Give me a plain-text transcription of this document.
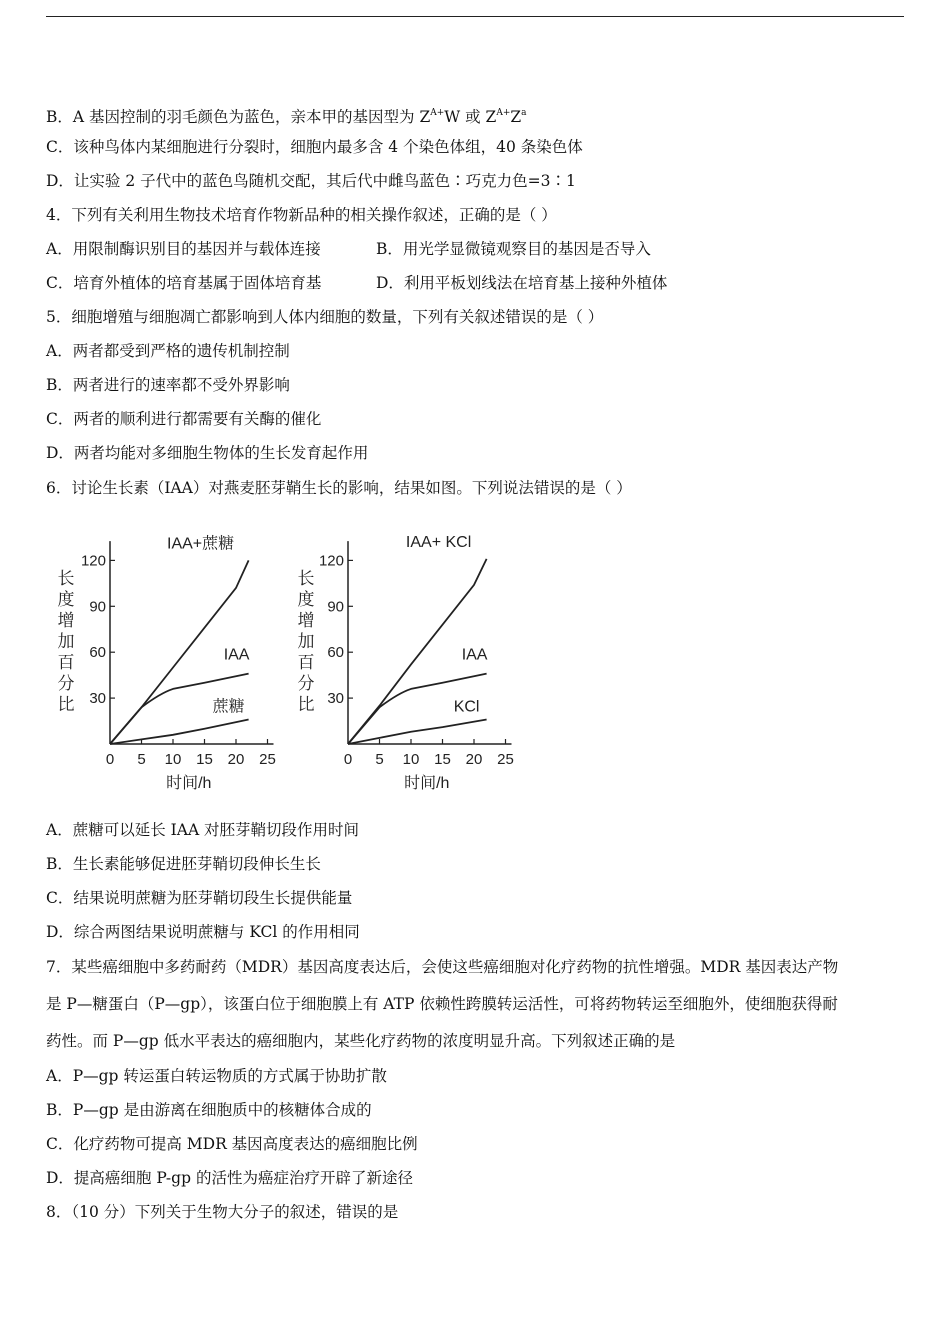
B．A 基因控制的羽毛颜色为蓝色，亲本甲的基因型为 $Z^{A+}W$ 或 $Z^{A+}Z^a$
C．该种鸟体内某细胞进行分裂时，细胞内最多含 4 个染色体组，40 条染色体
D．让实验 2 子代中的蓝色鸟随机交配，其后代中雌鸟蓝色∶巧克力色=3∶1
4．下列有关利用生物技术培育作物新品种的相关操作叙述，正确的是（ ）
A．用限制酶识别目的基因并与载体连接	B．用光学显微镜观察目的基因是否导入
C．培育外植体的培育基属于固体培育基	D．利用平板划线法在培育基上接种外植体
5．细胞增殖与细胞凋亡都影响到人体内细胞的数量，下列有关叙述错误的是（ ）
A．两者都受到严格的遗传机制控制
B．两者进行的速率都不受外界影响
C．两者的顺利进行都需要有关酶的催化
D．两者均能对多细胞生物体的生长发育起作用
6．讨论生长素（IAA）对燕麦胚芽鞘生长的影响，结果如图。下列说法错误的是（ ）
30
60
90
120
0 5 10 15 20 25
时间/h
长度增加百分比
IAA+蔗糖
IAA
蔗糖	30
60
90
120
0 5 10 15 20 25
时间/h
长度增加百分比
IAA+ KCl
IAA
KCl
A．蔗糖可以延长 IAA 对胚芽鞘切段作用时间
B．生长素能够促进胚芽鞘切段伸长生长
C．结果说明蔗糖为胚芽鞘切段生长提供能量
D．综合两图结果说明蔗糖与 KCl 的作用相同
7．某些癌细胞中多药耐药（MDR）基因高度表达后，会使这些癌细胞对化疗药物的抗性增强。MDR 基因表达产物
是 P—糖蛋白（P—gp），该蛋白位于细胞膜上有 ATP 依赖性跨膜转运活性，可将药物转运至细胞外，使细胞获得耐
药性。而 P—gp 低水平表达的癌细胞内，某些化疗药物的浓度明显升高。下列叙述正确的是
A．P—gp 转运蛋白转运物质的方式属于协助扩散
B．P—gp 是由游离在细胞质中的核糖体合成的
C．化疗药物可提高 MDR 基因高度表达的癌细胞比例
D．提高癌细胞 P-gp 的活性为癌症治疗开辟了新途径
8．（10 分）下列关于生物大分子的叙述，错误的是
